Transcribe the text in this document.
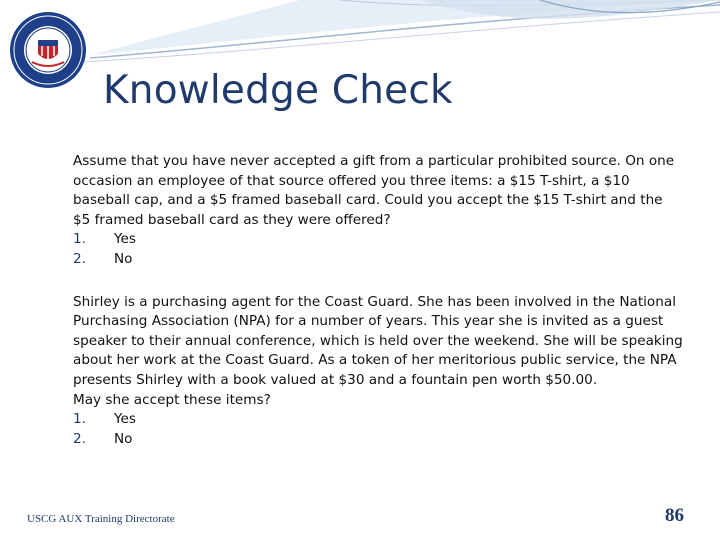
Knowledge Check

Assume that you have never accepted a gift from a particular prohibited source. On one occasion an employee of that source offered you three items: a $15 T-shirt, a $10 baseball cap, and a $5 framed baseball card. Could you accept the $15 T-shirt and the $5 framed baseball card as they were offered?

1.	Yes
2.	No

Shirley is a purchasing agent for the Coast Guard. She has been involved in the National Purchasing Association (NPA) for a number of years. This year she is invited as a guest speaker to their annual conference, which is held over the weekend. She will be speaking about her work at the Coast Guard. As a token of her meritorious public service, the NPA presents Shirley with a book valued at $30 and a fountain pen worth $50.00.

May she accept these items?

1.	Yes
2.	No
USCG AUX Training Directorate	86
